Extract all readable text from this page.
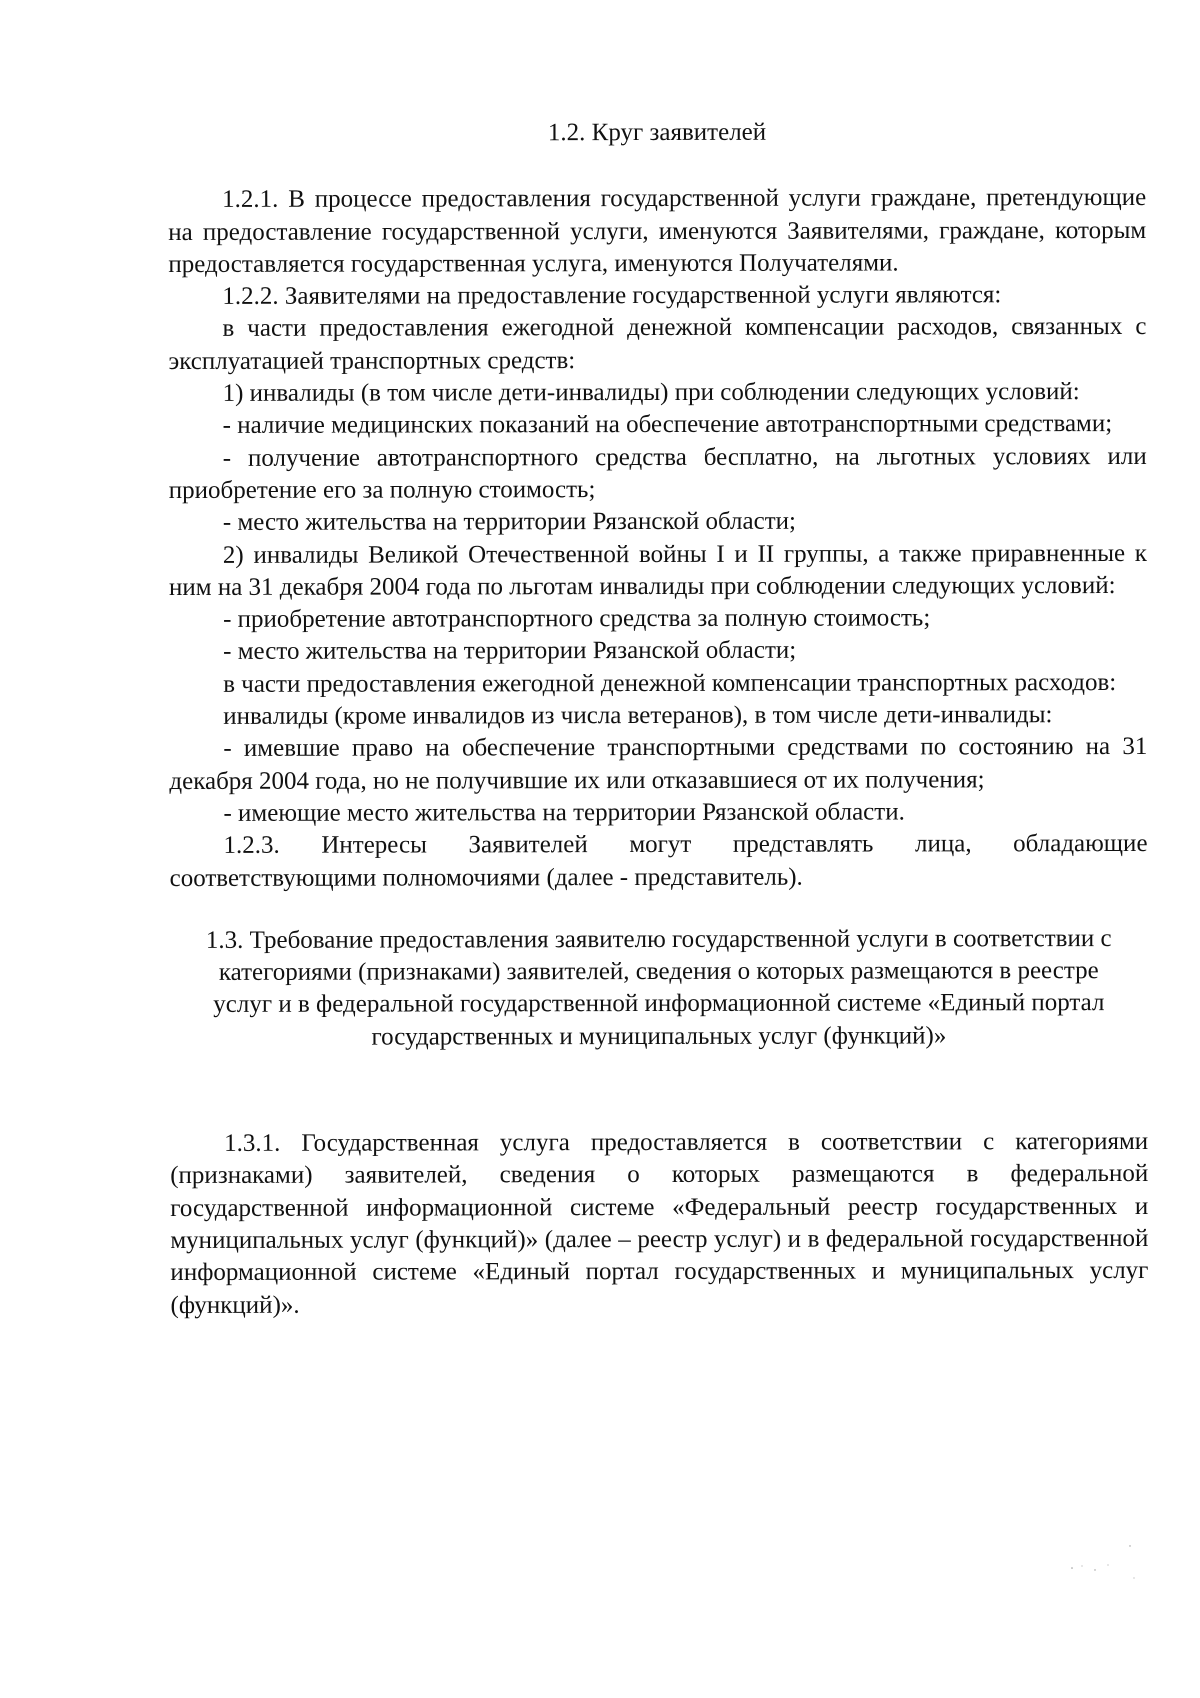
1.2. Круг заявителей

1.2.1. В процессе предоставления государственной услуги граждане, претендующие на предоставление государственной услуги, именуются Заявителями, граждане, которым предоставляется государственная услуга, именуются Получателями.

1.2.2. Заявителями на предоставление государственной услуги являются:

в части предоставления ежегодной денежной компенсации расходов, связанных с эксплуатацией транспортных средств:

1) инвалиды (в том числе дети-инвалиды) при соблюдении следующих условий:

- наличие медицинских показаний на обеспечение автотранспортными средствами;

- получение автотранспортного средства бесплатно, на льготных условиях или приобретение его за полную стоимость;

- место жительства на территории Рязанской области;

2) инвалиды Великой Отечественной войны I и II группы, а также приравненные к ним на 31 декабря 2004 года по льготам инвалиды при соблюдении следующих условий:

- приобретение автотранспортного средства за полную стоимость;

- место жительства на территории Рязанской области;

в части предоставления ежегодной денежной компенсации транспортных расходов:

инвалиды (кроме инвалидов из числа ветеранов), в том числе дети-инвалиды:

- имевшие право на обеспечение транспортными средствами по состоянию на 31 декабря 2004 года, но не получившие их или отказавшиеся от их получения;

- имеющие место жительства на территории Рязанской области.

1.2.3. Интересы Заявителей могут представлять лица, обладающие соответствующими полномочиями (далее - представитель).

1.3. Требование предоставления заявителю государственной услуги в соответствии с категориями (признаками) заявителей, сведения о которых размещаются в реестре услуг и в федеральной государственной информационной системе «Единый портал государственных и муниципальных услуг (функций)»

1.3.1. Государственная услуга предоставляется в соответствии с категориями (признаками) заявителей, сведения о которых размещаются в федеральной государственной информационной системе «Федеральный реестр государственных и муниципальных услуг (функций)» (далее – реестр услуг) и в федеральной государственной информационной системе «Единый портал государственных и муниципальных услуг (функций)».
